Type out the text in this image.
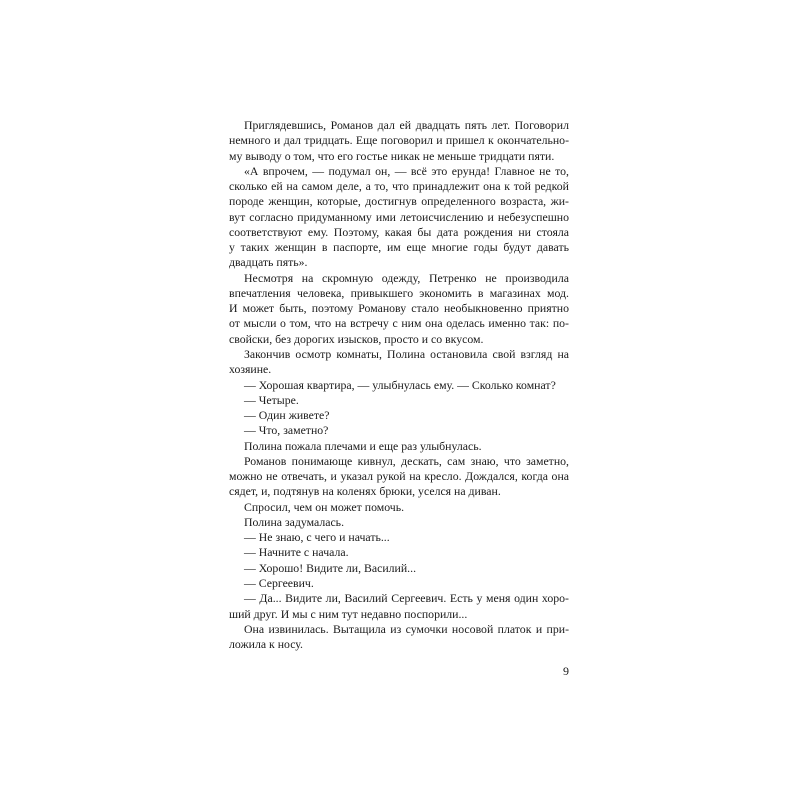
Приглядевшись, Романов дал ей двадцать пять лет. Поговорил
немного и дал тридцать. Еще поговорил и пришел к окончательно-
му выводу о том, что его гостье никак не меньше тридцати пяти.
«А впрочем, — подумал он, — всё это ерунда! Главное не то,
сколько ей на самом деле, а то, что принадлежит она к той редкой
породе женщин, которые, достигнув определенного возраста, жи-
вут согласно придуманному ими летоисчислению и небезуспешно
соответствуют ему. Поэтому, какая бы дата рождения ни стояла
у таких женщин в паспорте, им еще многие годы будут давать
двадцать пять».
Несмотря на скромную одежду, Петренко не производила
впечатления человека, привыкшего экономить в магазинах мод.
И может быть, поэтому Романову стало необыкновенно приятно
от мысли о том, что на встречу с ним она оделась именно так: по-
свойски, без дорогих изысков, просто и со вкусом.
Закончив осмотр комнаты, Полина остановила свой взгляд на
хозяине.
— Хорошая квартира, — улыбнулась ему. — Сколько комнат?
— Четыре.
— Один живете?
— Что, заметно?
Полина пожала плечами и еще раз улыбнулась.
Романов понимающе кивнул, дескать, сам знаю, что заметно,
можно не отвечать, и указал рукой на кресло. Дождался, когда она
сядет, и, подтянув на коленях брюки, уселся на диван.
Спросил, чем он может помочь.
Полина задумалась.
— Не знаю, с чего и начать...
— Начните с начала.
— Хорошо! Видите ли, Василий...
— Сергеевич.
— Да... Видите ли, Василий Сергеевич. Есть у меня один хоро-
ший друг. И мы с ним тут недавно поспорили...
Она извинилась. Вытащила из сумочки носовой платок и при-
ложила к носу.
9
